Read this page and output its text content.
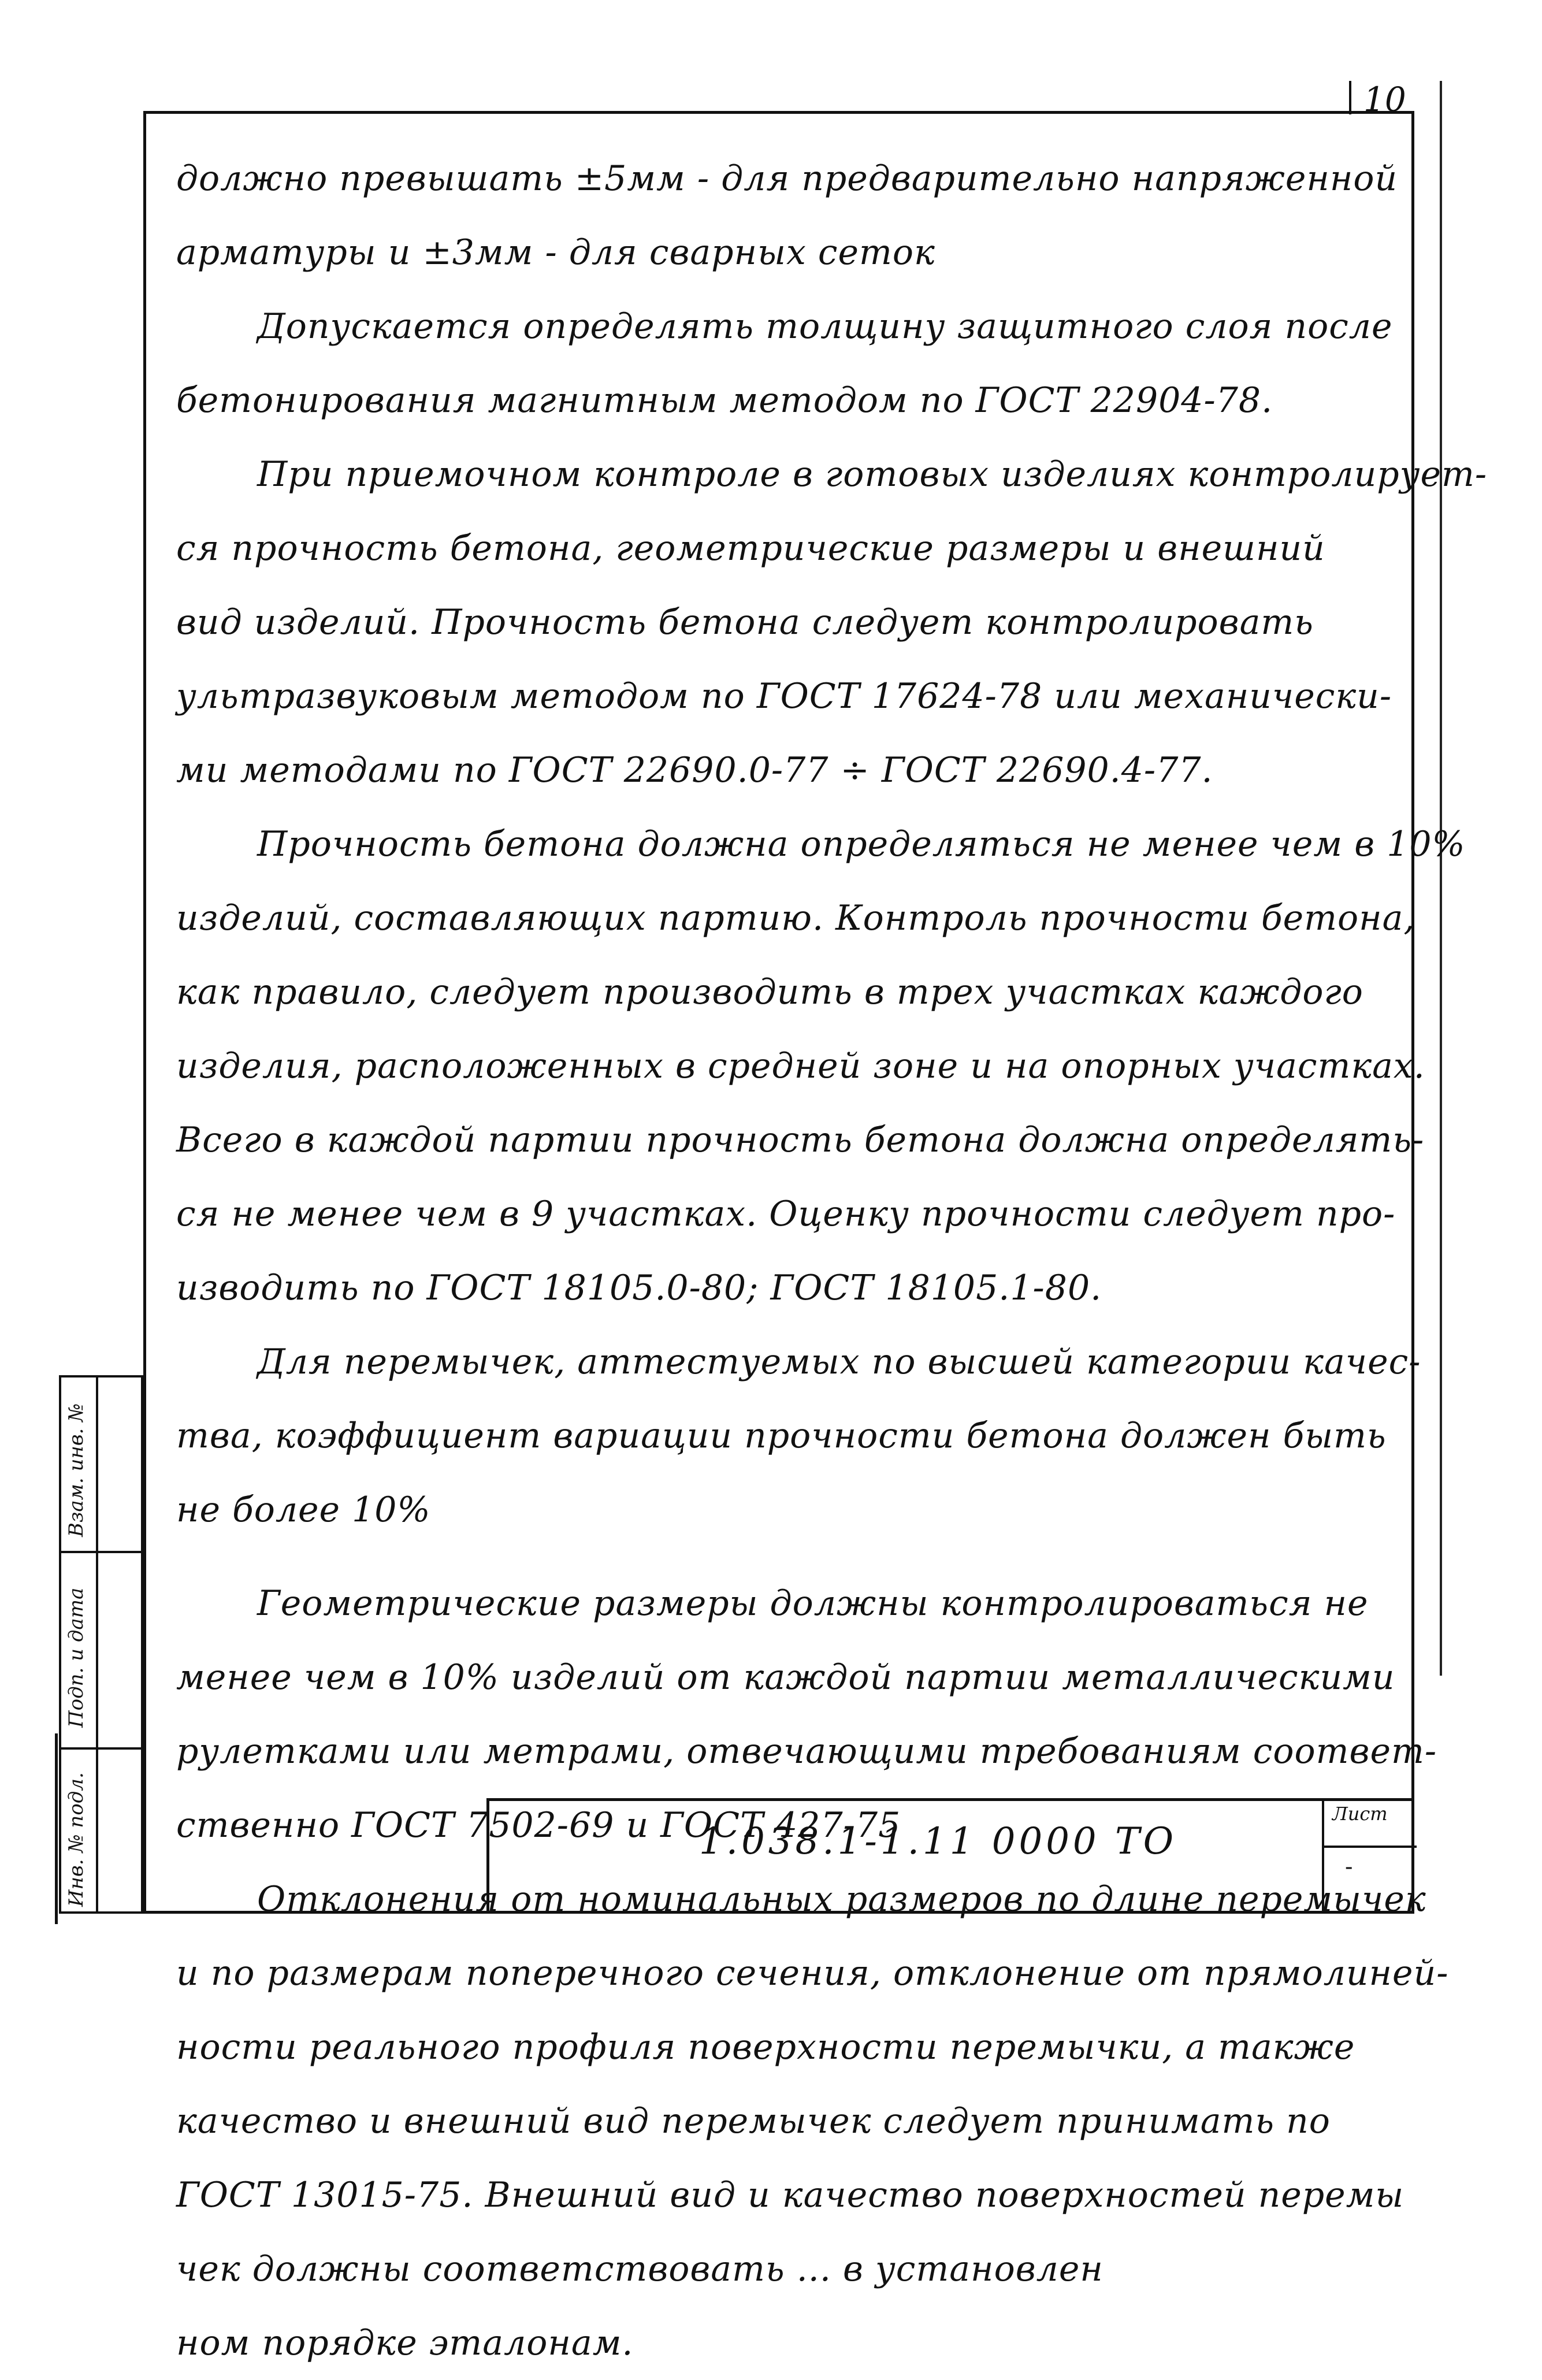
10

должно превышать ±5мм - для предварительно напряженной
арматуры и ±3мм - для сварных сеток

Допускается определять толщину защитного слоя после
бетонирования магнитным методом по ГОСТ 22904-78.

При приемочном контроле в готовых изделиях контролирует-
ся прочность бетона, геометрические размеры и внешний
вид изделий. Прочность бетона следует контролировать
ультразвуковым методом по ГОСТ 17624-78 или механически-
ми методами по ГОСТ 22690.0-77 ÷ ГОСТ 22690.4-77.

Прочность бетона должна определяться не менее чем в 10%
изделий, составляющих партию. Контроль прочности бетона,
как правило, следует производить в трех участках каждого
изделия, расположенных в средней зоне и на опорных участках.
Всего в каждой партии прочность бетона должна определять-
ся не менее чем в 9 участках. Оценку прочности следует про-
изводить по ГОСТ 18105.0-80; ГОСТ 18105.1-80.

Для перемычек, аттестуемых по высшей категории качес-
тва, коэффициент вариации прочности бетона должен быть
не более 10%

Геометрические размеры должны контролироваться не
менее чем в 10% изделий от каждой партии металлическими
рулетками или метрами, отвечающими требованиям соответ-
ственно ГОСТ 7502-69 и ГОСТ 427-75

Отклонения от номинальных размеров по длине перемычек
и по размерам поперечного сечения, отклонение от прямолиней-
ности реального профиля поверхности перемычки, а также
качество и внешний вид перемычек следует принимать по
ГОСТ 13015-75. Внешний вид и качество поверхностей перемы
чек должны соответствовать ... в установлен
ном порядке эталонам.

1.038.1-1.11 0000 ТО
Лист
-
Инв. № подл.
Подп. и дата
Взам. инв. №
